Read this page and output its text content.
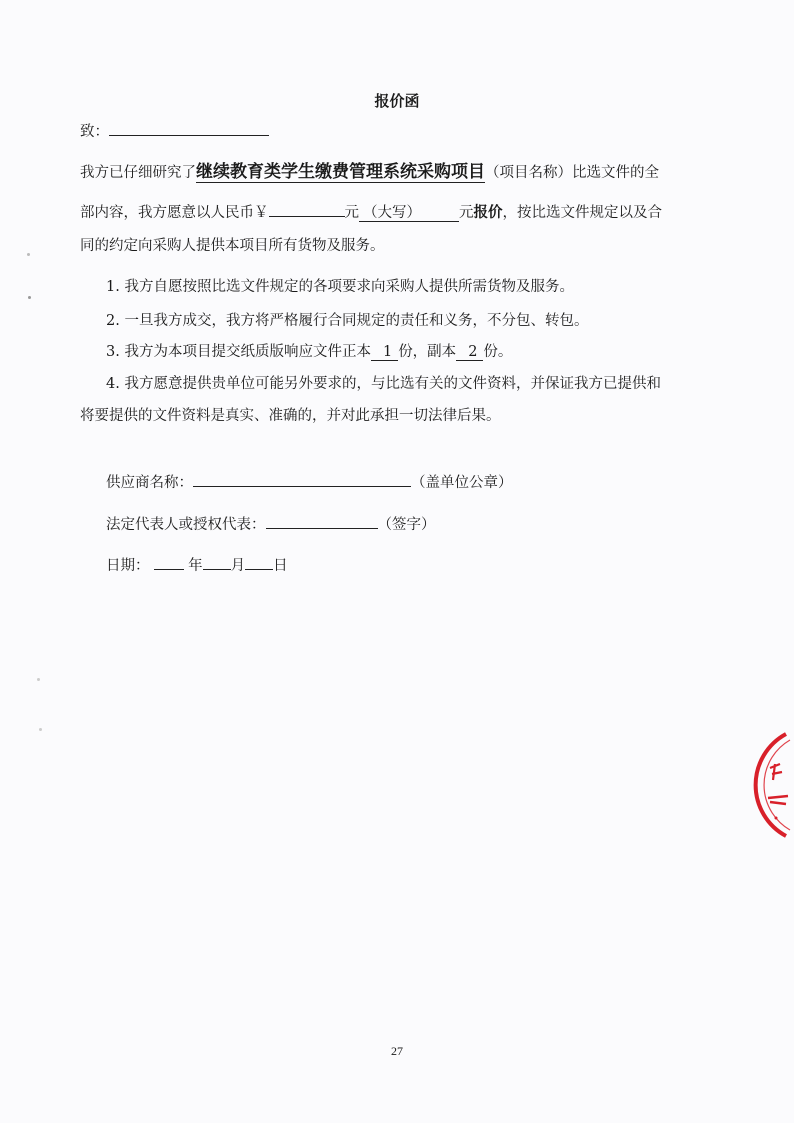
报价函
致：
我方已仔细研究了继续教育类学生缴费管理系统采购项目（项目名称）比选文件的全
部内容，我方愿意以人民币￥	元 （大写）	元报价，按比选文件规定以及合
同的约定向采购人提供本项目所有货物及服务。
1. 我方自愿按照比选文件规定的各项要求向采购人提供所需货物及服务。
2. 一旦我方成交，我方将严格履行合同规定的责任和义务，不分包、转包。
3. 我方为本项目提交纸质版响应文件正本 1 份，副本 2 份。
4. 我方愿意提供贵单位可能另外要求的，与比选有关的文件资料，并保证我方已提供和
将要提供的文件资料是真实、准确的，并对此承担一切法律后果。
供应商名称：	（盖单位公章）
法定代表人或授权代表：	（签字）
日期：	年 月 日
27
